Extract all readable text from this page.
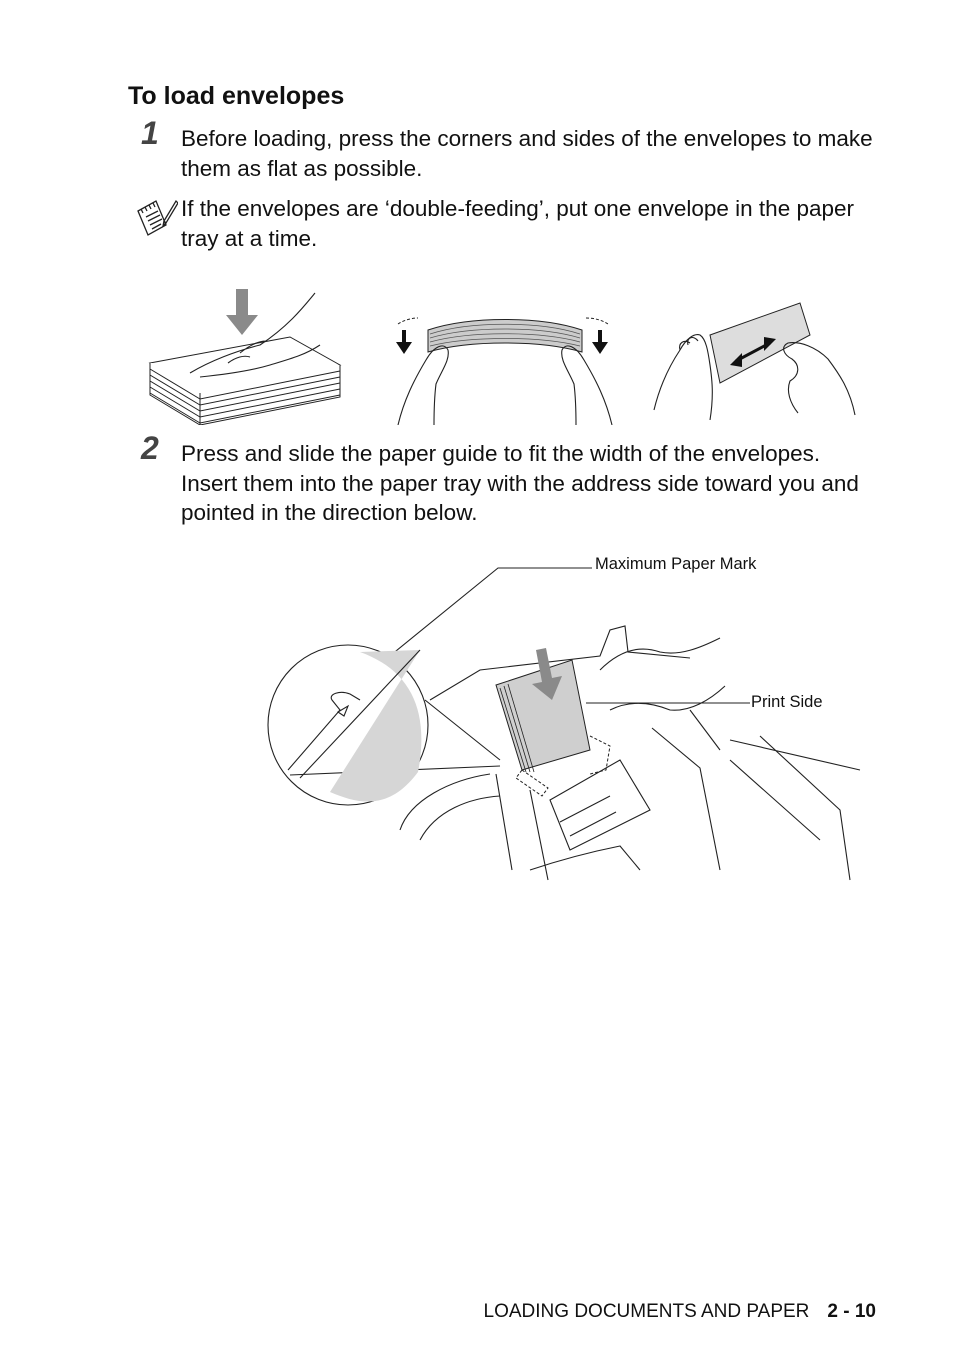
To load envelopes
1 Before loading, press the corners and sides of the envelopes to make them as flat as possible.
If the envelopes are ‘double-feeding’, put one envelope in the paper tray at a time.
2 Press and slide the paper guide to fit the width of the envelopes. Insert them into the paper tray with the address side toward you and pointed in the direction below.
Maximum Paper Mark
Print Side
LOADING DOCUMENTS AND PAPER 2 - 10
